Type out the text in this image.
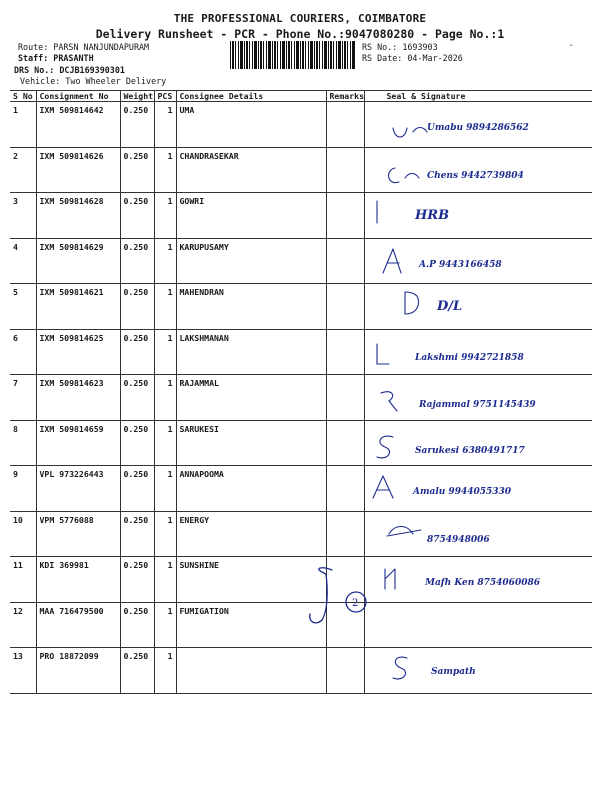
THE PROFESSIONAL COURIERS, COIMBATORE
Delivery Runsheet - PCR - Phone No.:9047080280 - Page No.:1
Route: PARSN NANJUNDAPURAM
Staff: PRASANTH
DRS No.: DCJB169390301
Vehicle: Two Wheeler Delivery
RS No.: 1693903
RS Date: 04-Mar-2026
-
S No	Consignment No	Weight	PCS	Consignee Details	Remarks	Seal & Signature
1	IXM 509814642	0.250	1	UMA		Umabu 9894286562

2	IXM 509814626	0.250	1	CHANDRASEKAR		Chens 9442739804

3	IXM 509814628	0.250	1	GOWRI		HRB

4	IXM 509814629	0.250	1	KARUPUSAMY		A.P 9443166458

5	IXM 509814621	0.250	1	MAHENDRAN		D/L

6	IXM 509814625	0.250	1	LAKSHMANAN		Lakshmi 9942721858

7	IXM 509814623	0.250	1	RAJAMMAL		Rajammal 9751145439

8	IXM 509814659	0.250	1	SARUKESI		Sarukesi 6380491717

9	VPL 973226443	0.250	1	ANNAPOOMA		Amalu 9944055330

10	VPM 5776088	0.250	1	ENERGY		8754948006

11	KDI 369981	0.250	1	SUNSHINE		Mafh Ken 8754060086

12	MAA 716479500	0.250	1	FUMIGATION		

13	PRO 18872099	0.250	1			Sampath
2
